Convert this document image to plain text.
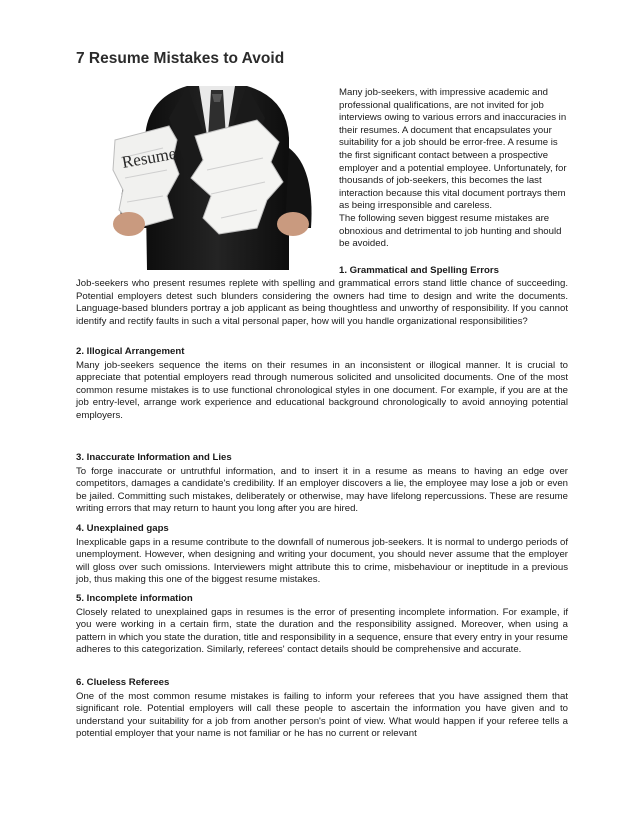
7 Resume Mistakes to Avoid
Resume

Many job-seekers, with impressive academic and professional qualifications, are not invited for job interviews owing to various errors and inaccuracies in their resumes. A document that encapsulates your suitability for a job should be error-free. A resume is the first significant contact between a prospective employer and a potential employee. Unfortunately, for thousands of job-seekers, this becomes the last interaction because this vital document portrays them as being irresponsible and careless.

The following seven biggest resume mistakes are obnoxious and detrimental to job hunting and should be avoided.

1. Grammatical and Spelling Errors

Job-seekers who present resumes replete with spelling and grammatical errors stand little chance of succeeding. Potential employers detest such blunders considering the owners had time to design and write the documents. Language-based blunders portray a job applicant as being thoughtless and unworthy of responsibility. If you cannot identify and rectify faults in such a vital personal paper, how will you handle organizational responsibilities?

2. Illogical Arrangement

Many job-seekers sequence the items on their resumes in an inconsistent or illogical manner. It is crucial to appreciate that potential employers read through numerous solicited and unsolicited documents. One of the most common resume mistakes is to use functional chronological styles in one document. For example, if you are at the job entry-level, arrange work experience and educational background chronologically to avoid annoying potential employers.

3. Inaccurate Information and Lies

To forge inaccurate or untruthful information, and to insert it in a resume as means to having an edge over competitors, damages a candidate's credibility. If an employer discovers a lie, the employee may lose a job or even be jailed. Committing such mistakes, deliberately or otherwise, may have lifelong repercussions. These are resume writing errors that may return to haunt you long after you are hired.

4. Unexplained gaps

Inexplicable gaps in a resume contribute to the downfall of numerous job-seekers. It is normal to undergo periods of unemployment. However, when designing and writing your document, you should never assume that the employer will gloss over such omissions. Interviewers might attribute this to crime, misbehaviour or ineptitude in a previous job, thus making this one of the biggest resume mistakes.

5. Incomplete information

Closely related to unexplained gaps in resumes is the error of presenting incomplete information. For example, if you were working in a certain firm, state the duration and the responsibility assigned. Moreover, when using a pattern in which you state the duration, title and responsibility in a sequence, ensure that every entry in your resume adheres to this categorization. Similarly, referees' contact details should be comprehensive and accurate.

6. Clueless Referees

One of the most common resume mistakes is failing to inform your referees that you have assigned them that significant role. Potential employers will call these people to ascertain the information you have given and to understand your suitability for a job from another person's point of view. What would happen if your referee tells a potential employer that your name is not familiar or he has no current or relevant
